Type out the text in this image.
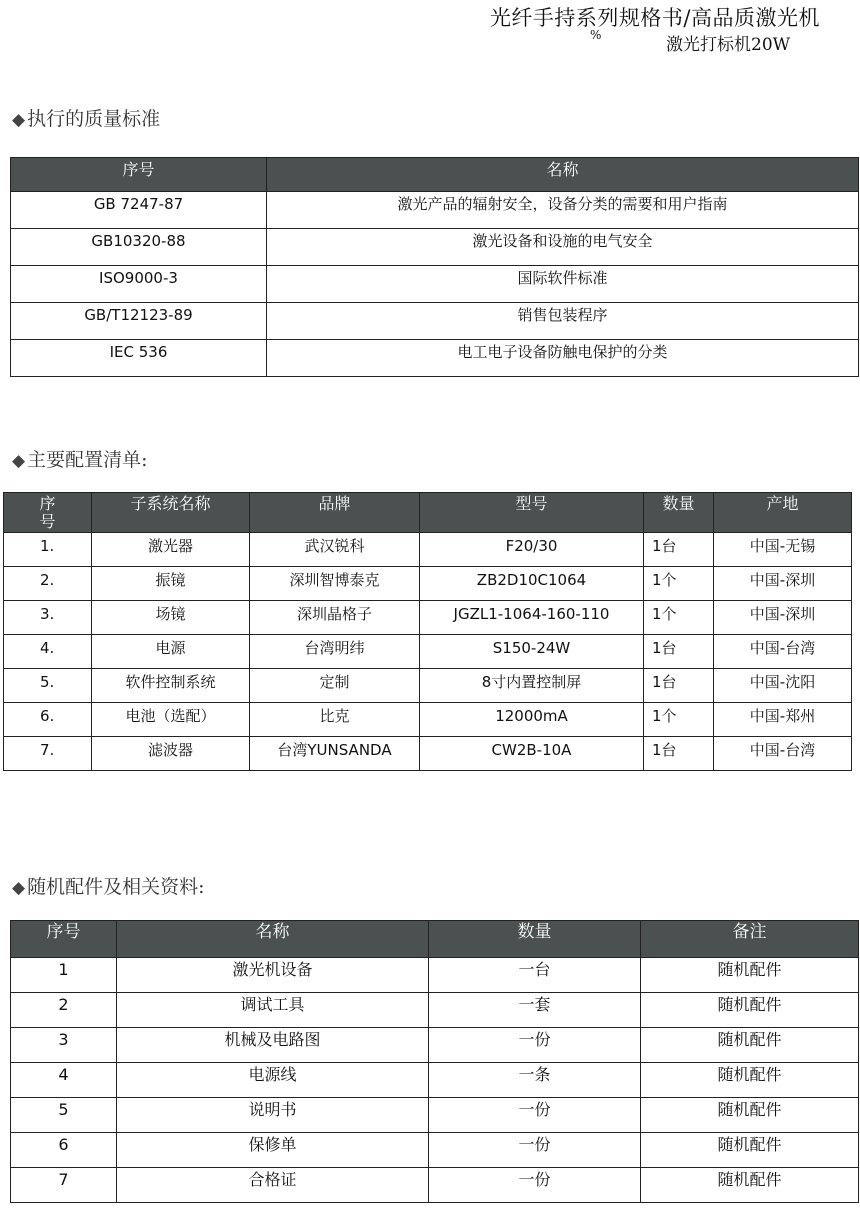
光纤手持系列规格书/高品质激光机
%	激光打标机20W
◆ 执行的质量标准
序号	名称
GB 7247-87	激光产品的辐射安全，设备分类的需要和用户指南
GB10320-88	激光设备和设施的电气安全
ISO9000-3	国际软件标准
GB/T12123-89	销售包装程序
IEC 536	电工电子设备防触电保护的分类
◆ 主要配置清单:
序号	子系统名称	品牌	型号	数量	产地
1.	激光器	武汉锐科	F20/30	1台	中国-无锡
2.	振镜	深圳智博泰克	ZB2D10C1064	1个	中国-深圳
3.	场镜	深圳晶格子	JGZL1-1064-160-110	1个	中国-深圳
4.	电源	台湾明纬	S150-24W	1台	中国-台湾
5.	软件控制系统	定制	8寸内置控制屏	1台	中国-沈阳
6.	电池（选配）	比克	12000mA	1个	中国-郑州
7.	滤波器	台湾YUNSANDA	CW2B-10A	1台	中国-台湾
◆ 随机配件及相关资料:
序号	名称	数量	备注
1	激光机设备	一台	随机配件
2	调试工具	一套	随机配件
3	机械及电路图	一份	随机配件
4	电源线	一条	随机配件
5	说明书	一份	随机配件
6	保修单	一份	随机配件
7	合格证	一份	随机配件
